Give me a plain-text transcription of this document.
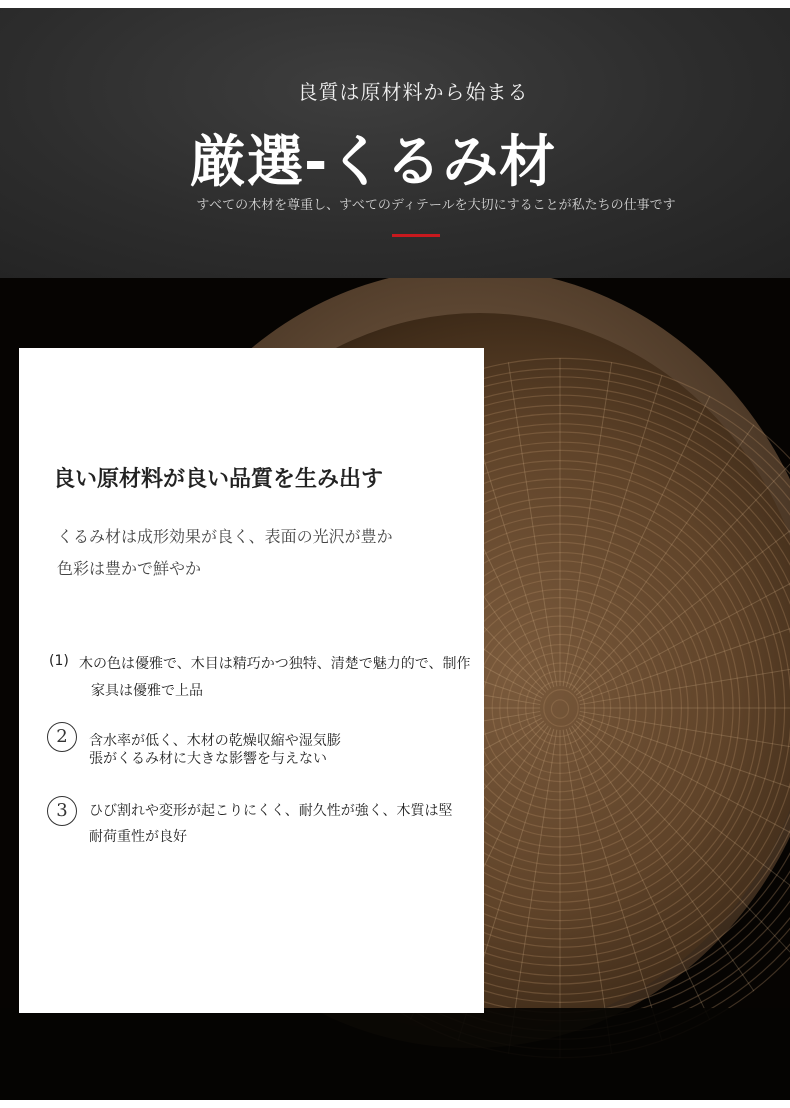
良質は原材料から始まる
厳選-くるみ材
すべての木材を尊重し、すべてのディテールを大切にすることが私たちの仕事です
良い原材料が良い品質を生み出す
くるみ材は成形効果が良く、表面の光沢が豊か
色彩は豊かで鮮やか
(1) 木の色は優雅で、木目は精巧かつ独特、清楚で魅力的で、制作
家具は優雅で上品
2	含水率が低く、木材の乾燥収縮や湿気膨
張がくるみ材に大きな影響を与えない
3	ひび割れや変形が起こりにくく、耐久性が強く、木質は堅
耐荷重性が良好
